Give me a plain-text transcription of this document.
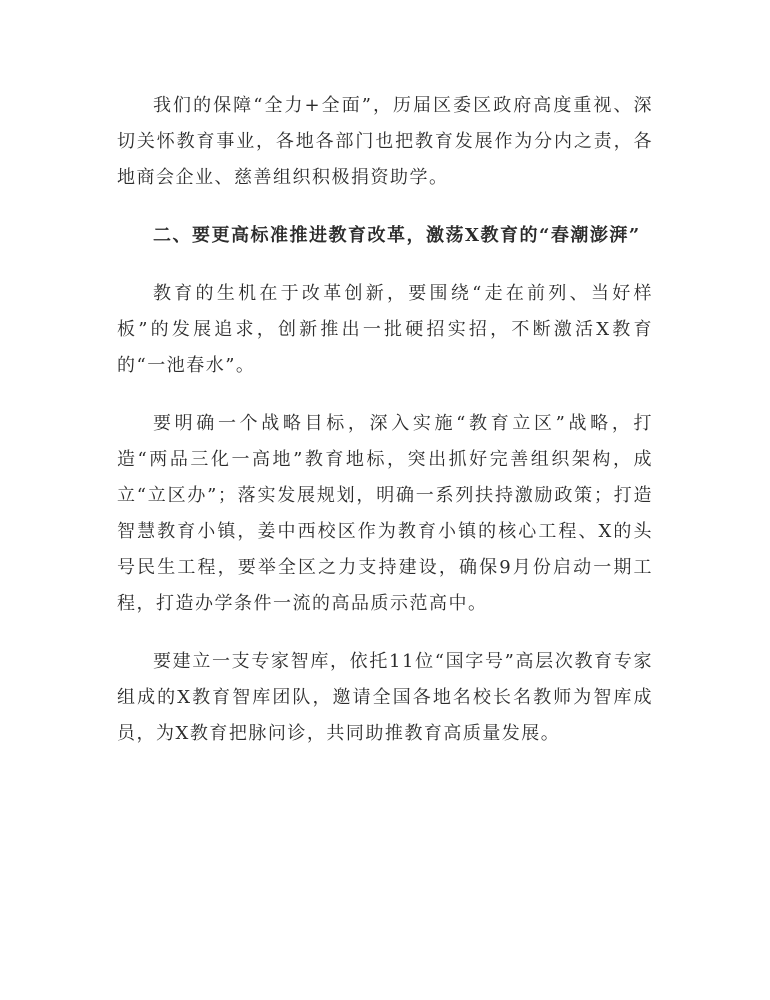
我们的保障“全力+全面”，历届区委区政府高度重视、深切关怀教育事业，各地各部门也把教育发展作为分内之责，各地商会企业、慈善组织积极捐资助学。

二、要更高标准推进教育改革，激荡X教育的“春潮澎湃”

教育的生机在于改革创新，要围绕“走在前列、当好样板”的发展追求，创新推出一批硬招实招，不断激活X教育的“一池春水”。

要明确一个战略目标，深入实施“教育立区”战略，打造“两品三化一高地”教育地标，突出抓好完善组织架构，成立“立区办”；落实发展规划，明确一系列扶持激励政策；打造智慧教育小镇，姜中西校区作为教育小镇的核心工程、X的头号民生工程，要举全区之力支持建设，确保9月份启动一期工程，打造办学条件一流的高品质示范高中。

要建立一支专家智库，依托11位“国字号”高层次教育专家组成的X教育智库团队，邀请全国各地名校长名教师为智库成员，为X教育把脉问诊，共同助推教育高质量发展。
